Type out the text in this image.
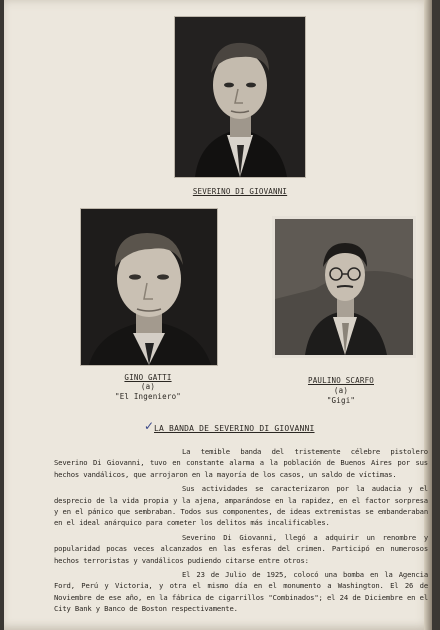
SEVERINO DI GIOVANNI
GINO GATTI
(a)
"El Ingeniero"
PAULINO SCARFO
(a)
"Gigi"
✓ LA BANDA DE SEVERINO DI GIOVANNI

La temible banda del tristemente célebre pistolero Severino Di Giovanni, tuvo en constante alarma a la población de Buenos Aires por sus hechos vandálicos, que arrojaron en la mayoría de los casos, un saldo de víctimas.

Sus actividades se caracterizaron por la audacia y el desprecio de la vida propia y la ajena, amparándose en la rapidez, en el factor sorpresa y en el pánico que sembraban. Todos sus componentes, de ideas extremistas se embanderaban en el ideal anárquico para cometer los delitos más incalificables.

Severino Di Giovanni, llegó a adquirir un renombre y popularidad pocas veces alcanzados en las esferas del crimen. Participó en numerosos hechos terroristas y vandálicos pudiendo citarse entre otros:

El 23 de Julio de 1925, colocó una bomba en la Agencia Ford, Perú y Victoria, y otra el mismo día en el monumento a Washington. El 26 de Noviembre de ese año, en la fábrica de cigarrillos "Combinados"; el 24 de Diciembre en el City Bank y Banco de Boston respectivamente.
